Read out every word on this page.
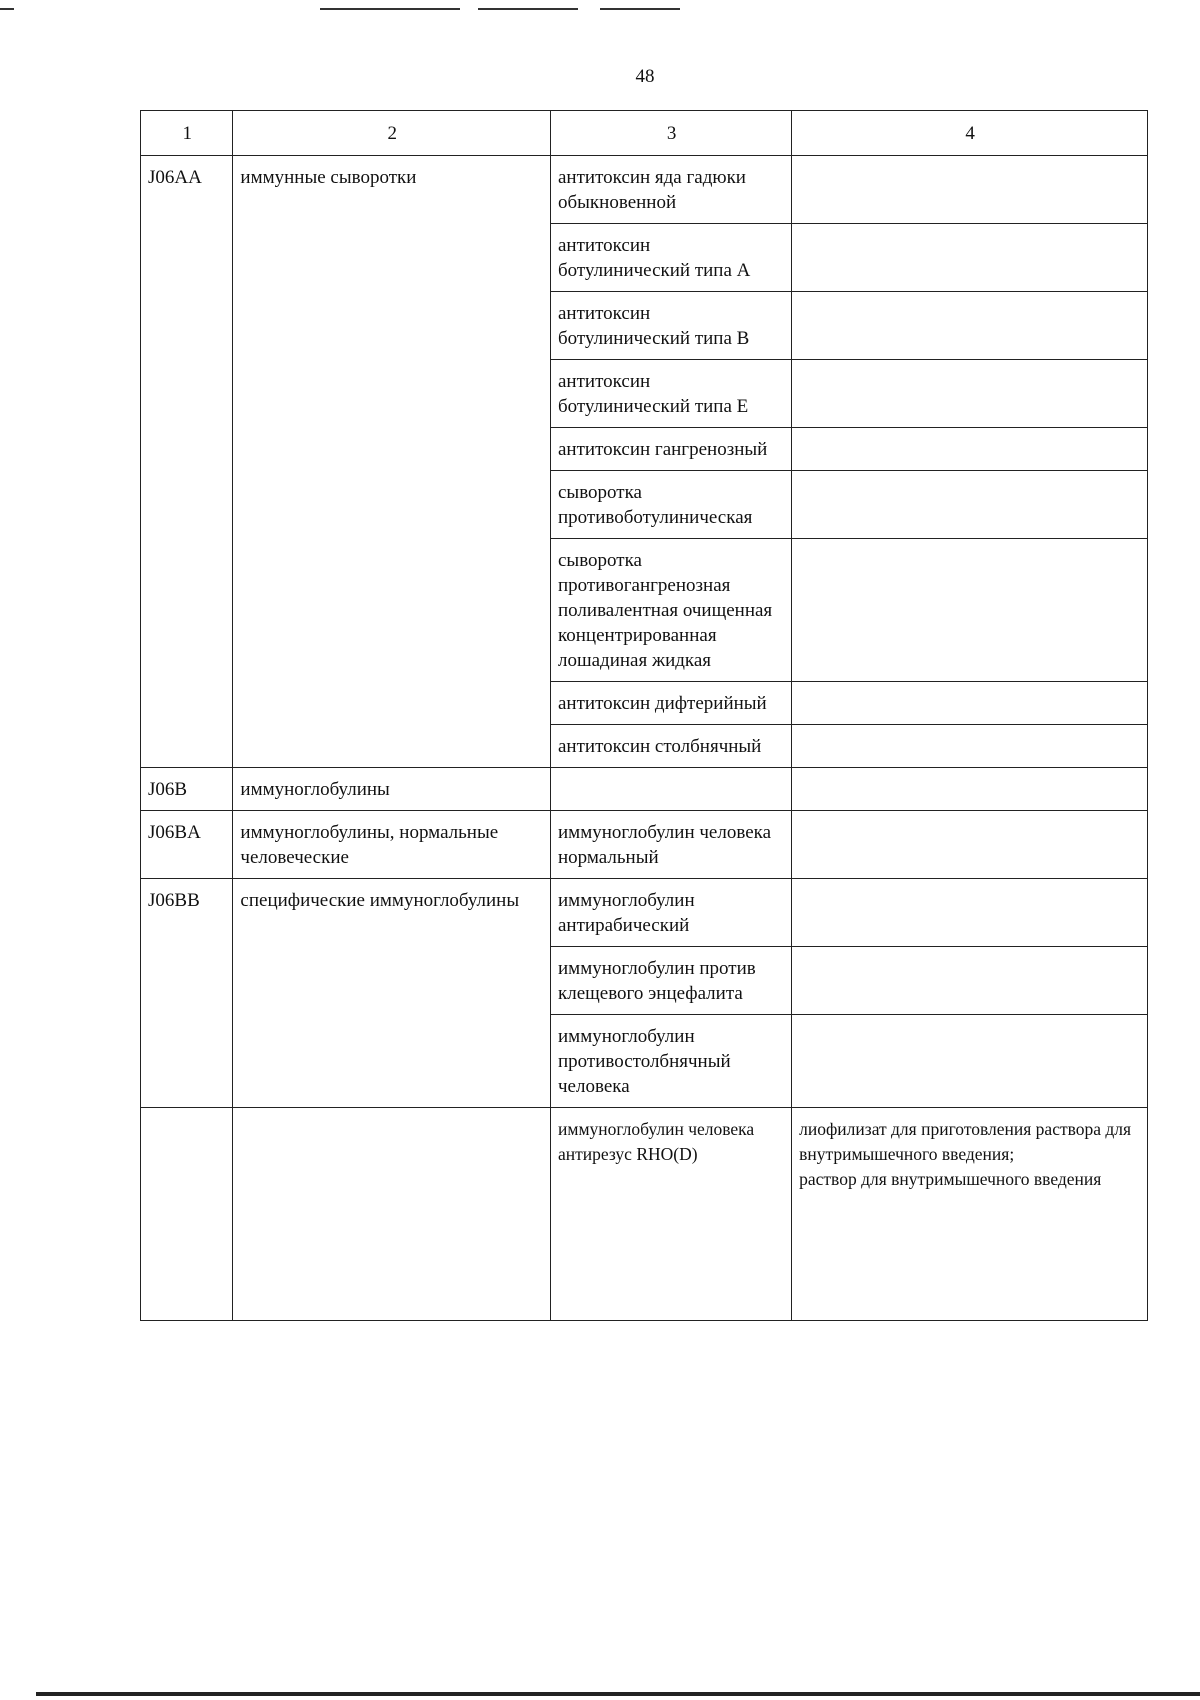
48
1	2	3	4
J06AA	иммунные сыворотки	антитоксин яда гадюки обыкновенной	
		антитоксин ботулинический типа A	
		антитоксин ботулинический типа B	
		антитоксин ботулинический типа E	
		антитоксин гангренозный	
		сыворотка противоботулиническая	
		сыворотка противогангренозная поливалентная очищенная концентрированная лошадиная жидкая	
		антитоксин дифтерийный	
		антитоксин столбнячный	
J06B	иммуноглобулины		
J06BA	иммуноглобулины, нормальные человеческие	иммуноглобулин человека нормальный	
J06BB	специфические иммуноглобулины	иммуноглобулин антирабический	
		иммуноглобулин против клещевого энцефалита	
		иммуноглобулин противостолбнячный человека	
		иммуноглобулин человека антирезус RHO(D)	лиофилизат для приготовления раствора для внутримышечного введения;
раствор для внутримышечного введения
